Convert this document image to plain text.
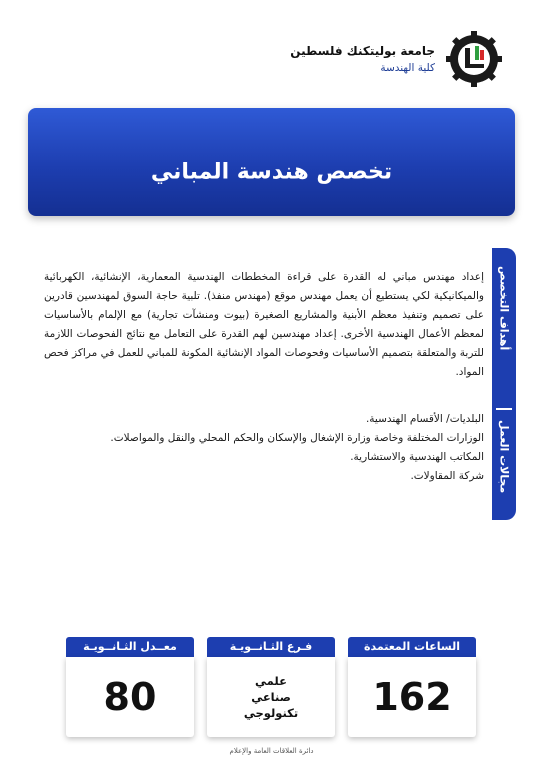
جامعة بوليتكنك فلسطين
كلية الهندسة
تخصص هندسة المباني
أهداف التخصص
مجالات العمل
إعداد مهندس مباني له القدرة على قراءة المخططات الهندسية المعمارية، الإنشائية، الكهربائية والميكانيكية لكي يستطيع أن يعمل مهندس موقع (مهندس منفذ). تلبية حاجة السوق لمهندسين قادرين على تصميم وتنفيذ معظم الأبنية والمشاريع الصغيرة (بيوت ومنشآت تجارية) مع الإلمام بالأساسيات لمعظم الأعمال الهندسية الأخرى. إعداد مهندسين لهم القدرة على التعامل مع نتائج الفحوصات اللازمة للتربة والمتعلقة بتصميم الأساسيات وفحوصات المواد الإنشائية المكونة للمباني للعمل في مراكز فحص المواد.
البلديات/ الأقسام الهندسية.
الوزارات المختلفة وخاصة وزارة الإشغال والإسكان والحكم المحلي والنقل والمواصلات.
المكاتب الهندسية والاستشارية.
شركة المقاولات.
الساعات المعتمدة
162
فـرع الثـانــويـة
علمي
صناعي
تكنولوجي
معــدل الثـانــويـة
80
دائرة العلاقات العامة والإعلام
